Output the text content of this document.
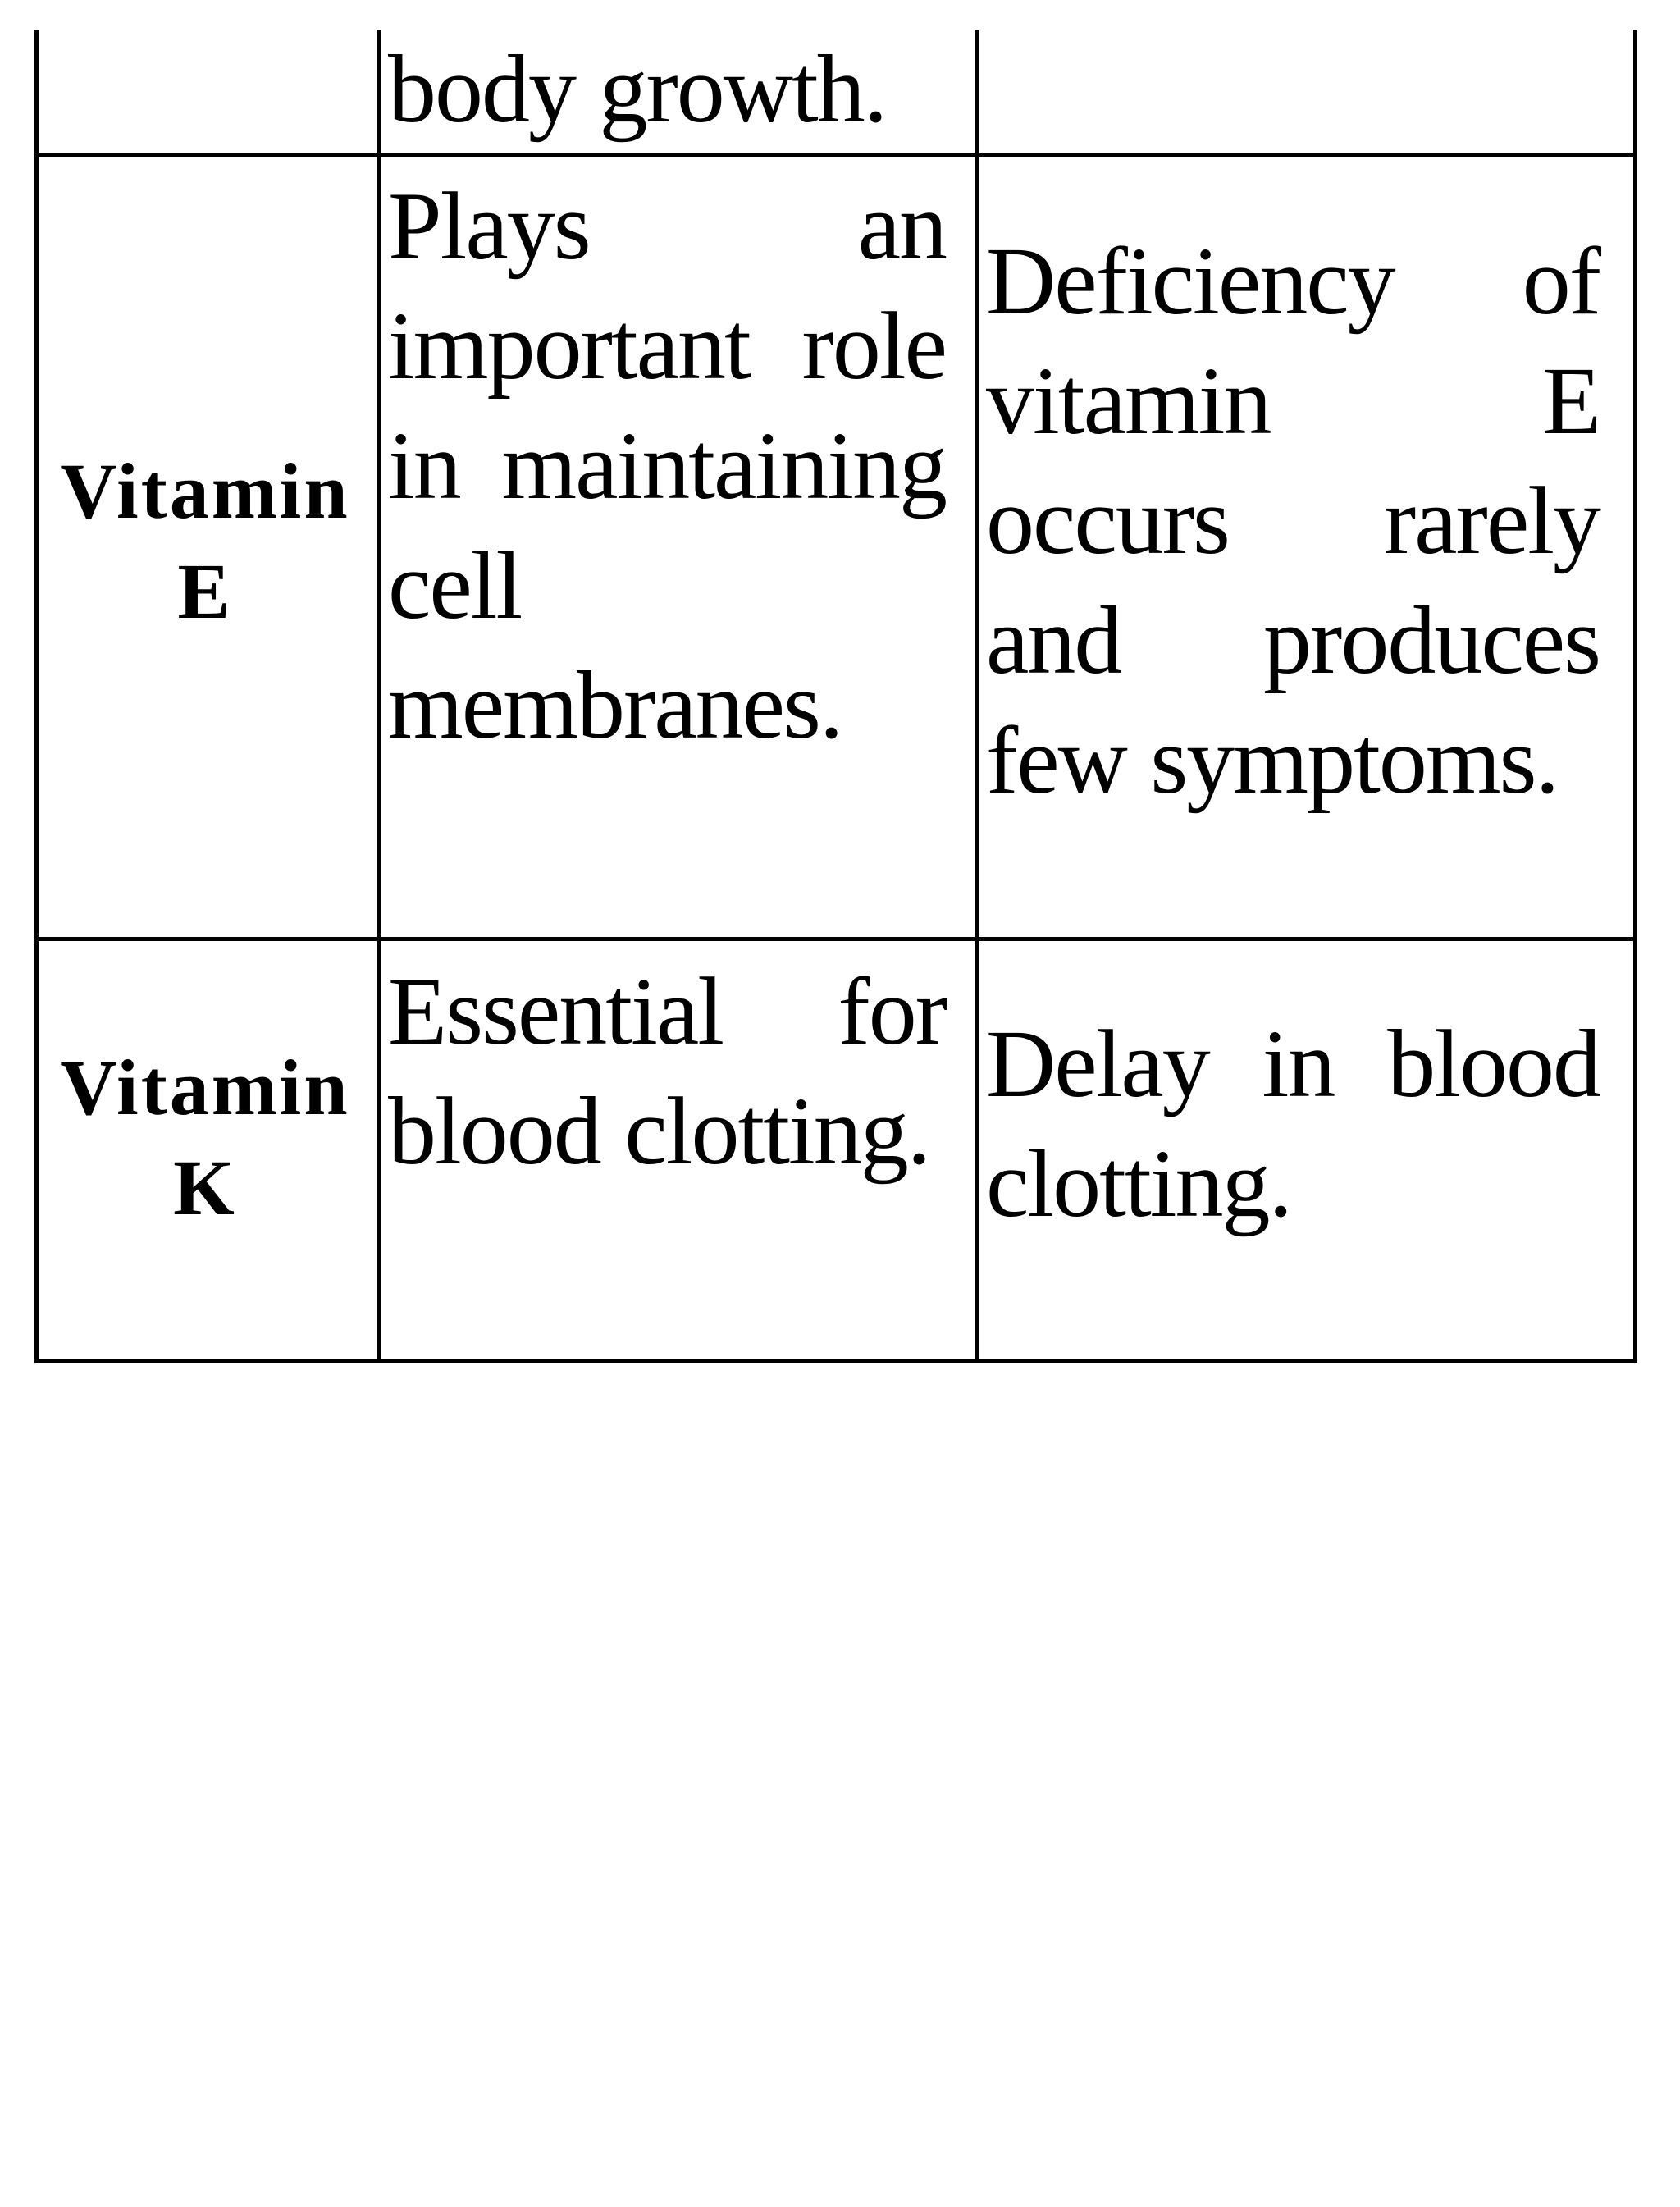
body growth.
Vitamin E
Plays an important role in maintaining cell membranes.
Deficiency of vitamin E occurs rarely and produces few symptoms.
Vitamin K
Essential for blood clotting.
Delay in blood clotting.
